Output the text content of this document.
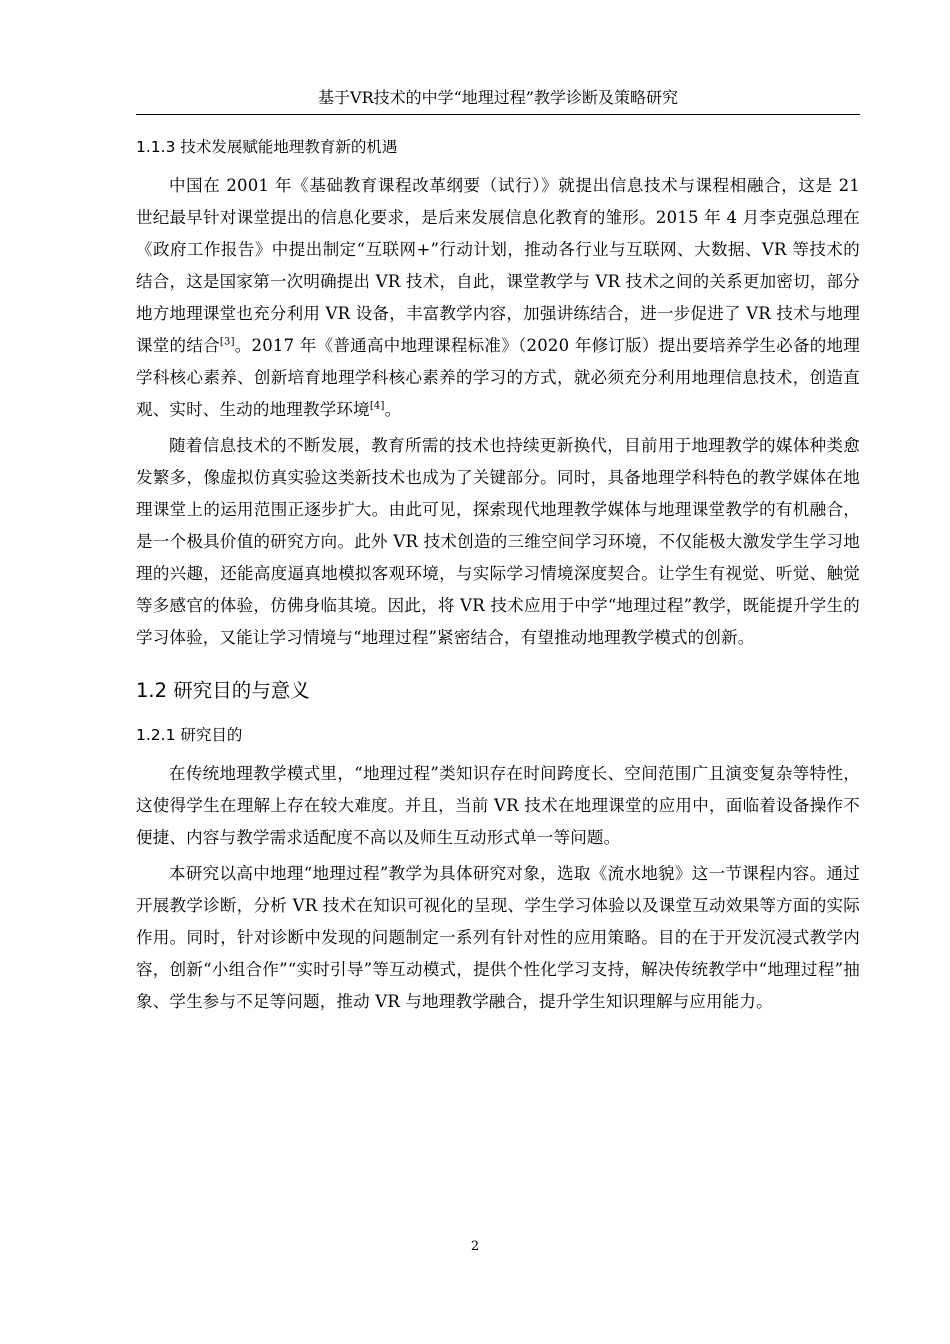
基于VR技术的中学“地理过程”教学诊断及策略研究
1.1.3 技术发展赋能地理教育新的机遇

中国在 2001 年《基础教育课程改革纲要（试行）》就提出信息技术与课程相融合，这是 21 世纪最早针对课堂提出的信息化要求，是后来发展信息化教育的雏形。2015 年 4 月李克强总理在《政府工作报告》中提出制定“互联网+”行动计划，推动各行业与互联网、大数据、VR 等技术的结合，这是国家第一次明确提出 VR 技术，自此，课堂教学与 VR 技术之间的关系更加密切，部分地方地理课堂也充分利用 VR 设备，丰富教学内容，加强讲练结合，进一步促进了 VR 技术与地理课堂的结合[3]。2017 年《普通高中地理课程标准》（2020 年修订版）提出要培养学生必备的地理学科核心素养、创新培育地理学科核心素养的学习的方式，就必须充分利用地理信息技术，创造直观、实时、生动的地理教学环境[4]。

随着信息技术的不断发展，教育所需的技术也持续更新换代，目前用于地理教学的媒体种类愈发繁多，像虚拟仿真实验这类新技术也成为了关键部分。同时，具备地理学科特色的教学媒体在地理课堂上的运用范围正逐步扩大。由此可见，探索现代地理教学媒体与地理课堂教学的有机融合，是一个极具价值的研究方向。此外 VR 技术创造的三维空间学习环境，不仅能极大激发学生学习地理的兴趣，还能高度逼真地模拟客观环境，与实际学习情境深度契合。让学生有视觉、听觉、触觉等多感官的体验，仿佛身临其境。因此，将 VR 技术应用于中学“地理过程”教学，既能提升学生的学习体验，又能让学习情境与“地理过程”紧密结合，有望推动地理教学模式的创新。

1.2 研究目的与意义
1.2.1 研究目的

在传统地理教学模式里，“地理过程”类知识存在时间跨度长、空间范围广且演变复杂等特性，这使得学生在理解上存在较大难度。并且，当前 VR 技术在地理课堂的应用中，面临着设备操作不便捷、内容与教学需求适配度不高以及师生互动形式单一等问题。

本研究以高中地理“地理过程”教学为具体研究对象，选取《流水地貌》这一节课程内容。通过开展教学诊断，分析 VR 技术在知识可视化的呈现、学生学习体验以及课堂互动效果等方面的实际作用。同时，针对诊断中发现的问题制定一系列有针对性的应用策略。目的在于开发沉浸式教学内容，创新“小组合作”“实时引导”等互动模式，提供个性化学习支持，解决传统教学中“地理过程”抽象、学生参与不足等问题，推动 VR 与地理教学融合，提升学生知识理解与应用能力。

2
